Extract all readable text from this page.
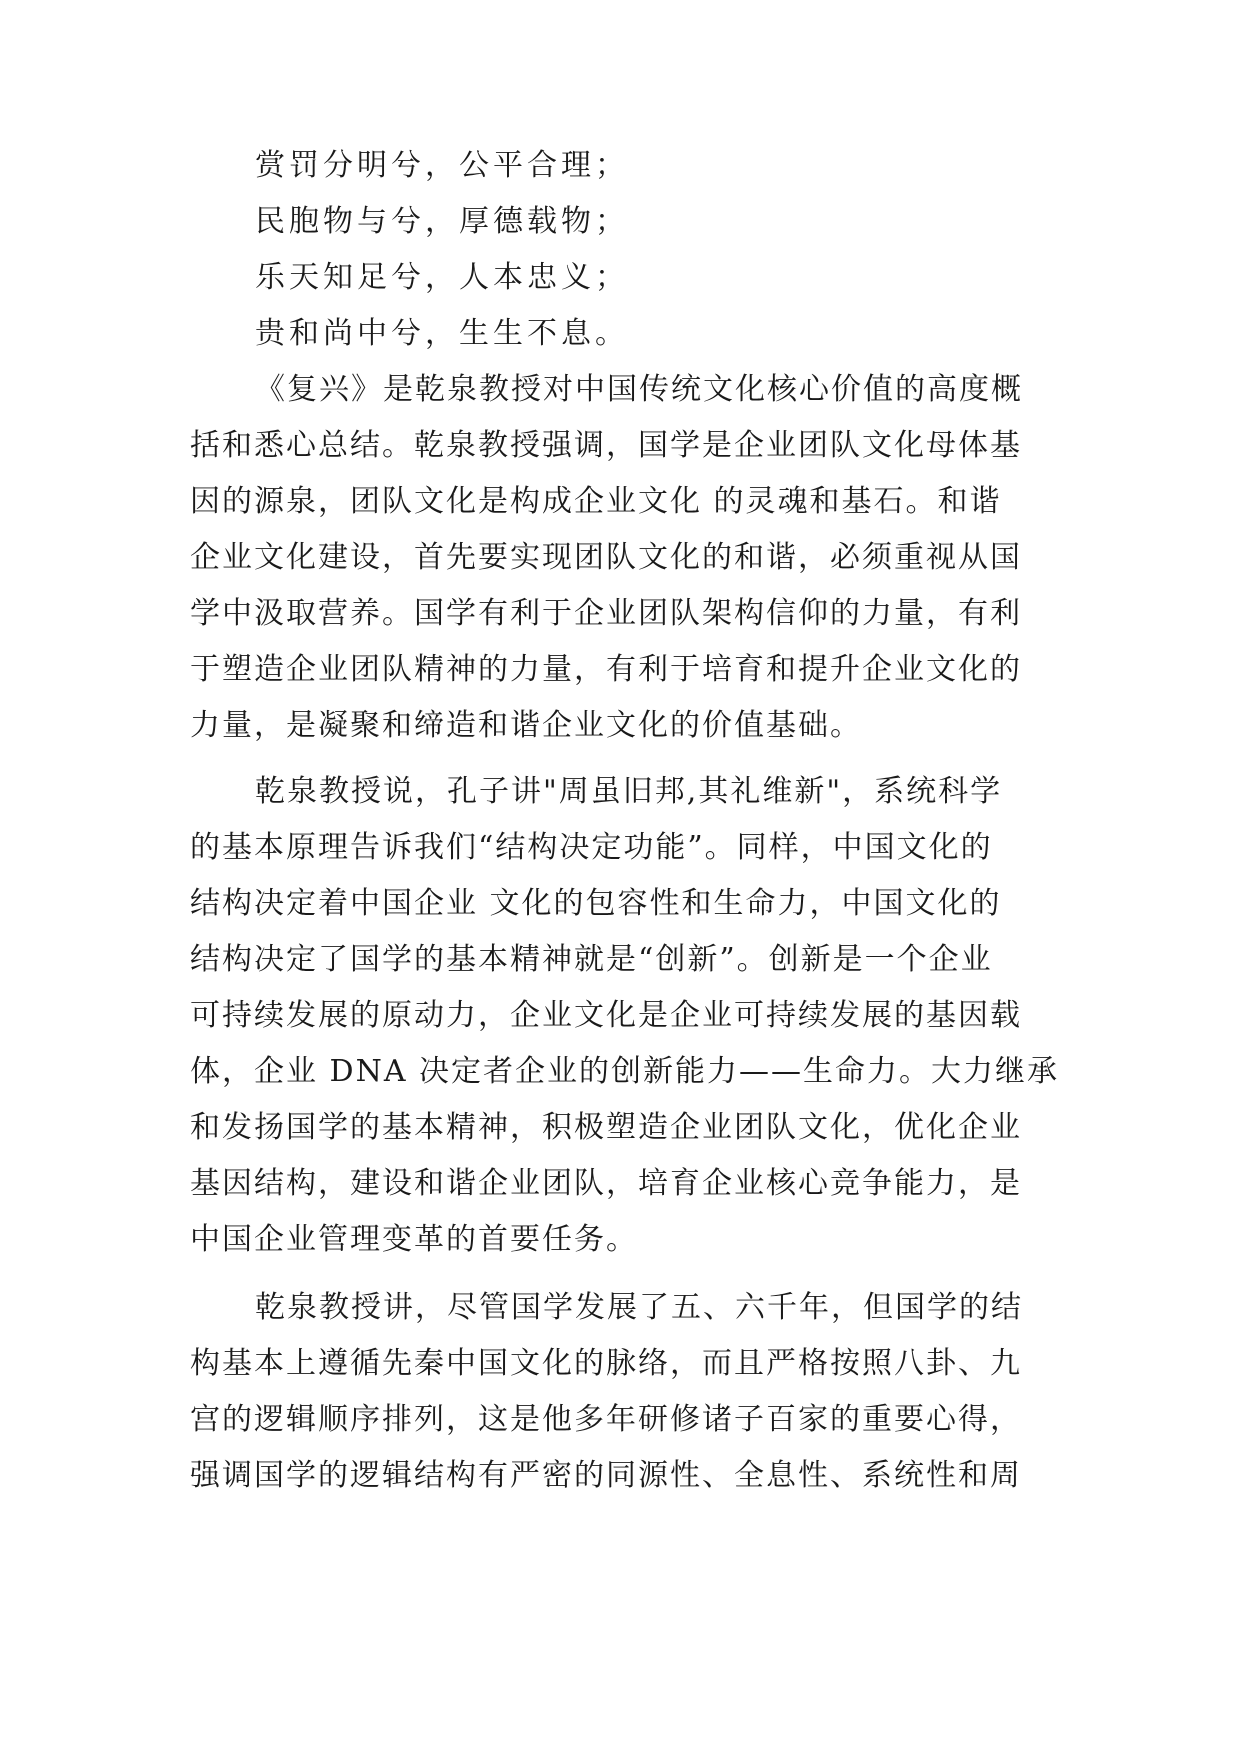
赏罚分明兮，公平合理；
民胞物与兮，厚德载物；
乐天知足兮，人本忠义；
贵和尚中兮，生生不息。
《复兴》是乾泉教授对中国传统文化核心价值的高度概
括和悉心总结。乾泉教授强调，国学是企业团队文化母体基
因的源泉，团队文化是构成企业文化 的灵魂和基石。和谐
企业文化建设，首先要实现团队文化的和谐，必须重视从国
学中汲取营养。国学有利于企业团队架构信仰的力量，有利
于塑造企业团队精神的力量，有利于培育和提升企业文化的
力量，是凝聚和缔造和谐企业文化的价值基础。
乾泉教授说，孔子讲"周虽旧邦,其礼维新"，系统科学
的基本原理告诉我们“结构决定功能”。同样，中国文化的
结构决定着中国企业 文化的包容性和生命力，中国文化的
结构决定了国学的基本精神就是“创新”。创新是一个企业
可持续发展的原动力，企业文化是企业可持续发展的基因载
体，企业 DNA 决定者企业的创新能力——生命力。大力继承
和发扬国学的基本精神，积极塑造企业团队文化，优化企业
基因结构，建设和谐企业团队，培育企业核心竞争能力，是
中国企业管理变革的首要任务。
乾泉教授讲，尽管国学发展了五、六千年，但国学的结
构基本上遵循先秦中国文化的脉络，而且严格按照八卦、九
宫的逻辑顺序排列，这是他多年研修诸子百家的重要心得，
强调国学的逻辑结构有严密的同源性、全息性、系统性和周
